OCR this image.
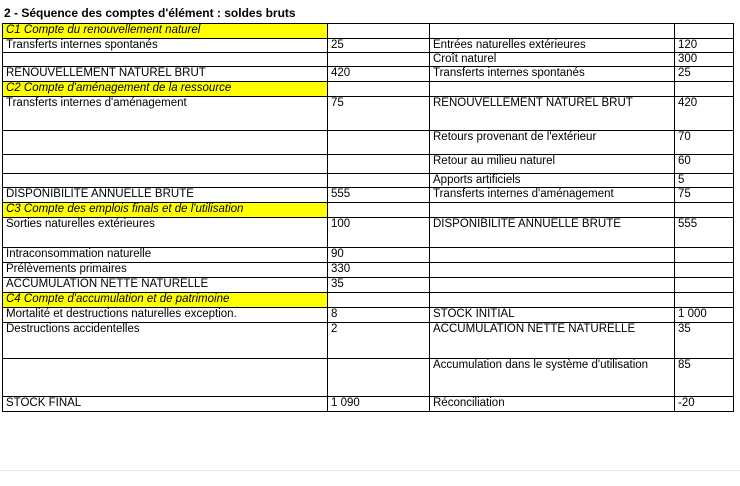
2 - Séquence des comptes d'élément : soldes bruts
C1 Compte du renouvellement naturel			
Transferts internes spontanés	25	Entrées naturelles extérieures	120
		Croît naturel	300
RENOUVELLEMENT NATUREL BRUT	420	Transferts internes spontanés	25
C2 Compte d'aménagement de la ressource			
Transferts internes d'aménagement	75	RENOUVELLEMENT NATUREL BRUT	420
		Retours provenant de l'extérieur	70
		Retour au milieu naturel	60
		Apports artificiels	5
DISPONIBILITE ANNUELLE BRUTE	555	Transferts internes d'aménagement	75
C3 Compte des emplois finals et de l'utilisation			
Sorties naturelles extérieures	100	DISPONIBILITE ANNUELLE BRUTE	555
Intraconsommation naturelle	90		
Prélèvements primaires	330		
ACCUMULATION NETTE NATURELLE	35		
C4 Compte d'accumulation et de patrimoine			
Mortalité et destructions naturelles exception.	8	STOCK INITIAL	1 000
Destructions accidentelles	2	ACCUMULATION NETTE NATURELLE	35
		Accumulation dans le système d'utilisation	85
STOCK FINAL	1 090	Réconciliation	-20
